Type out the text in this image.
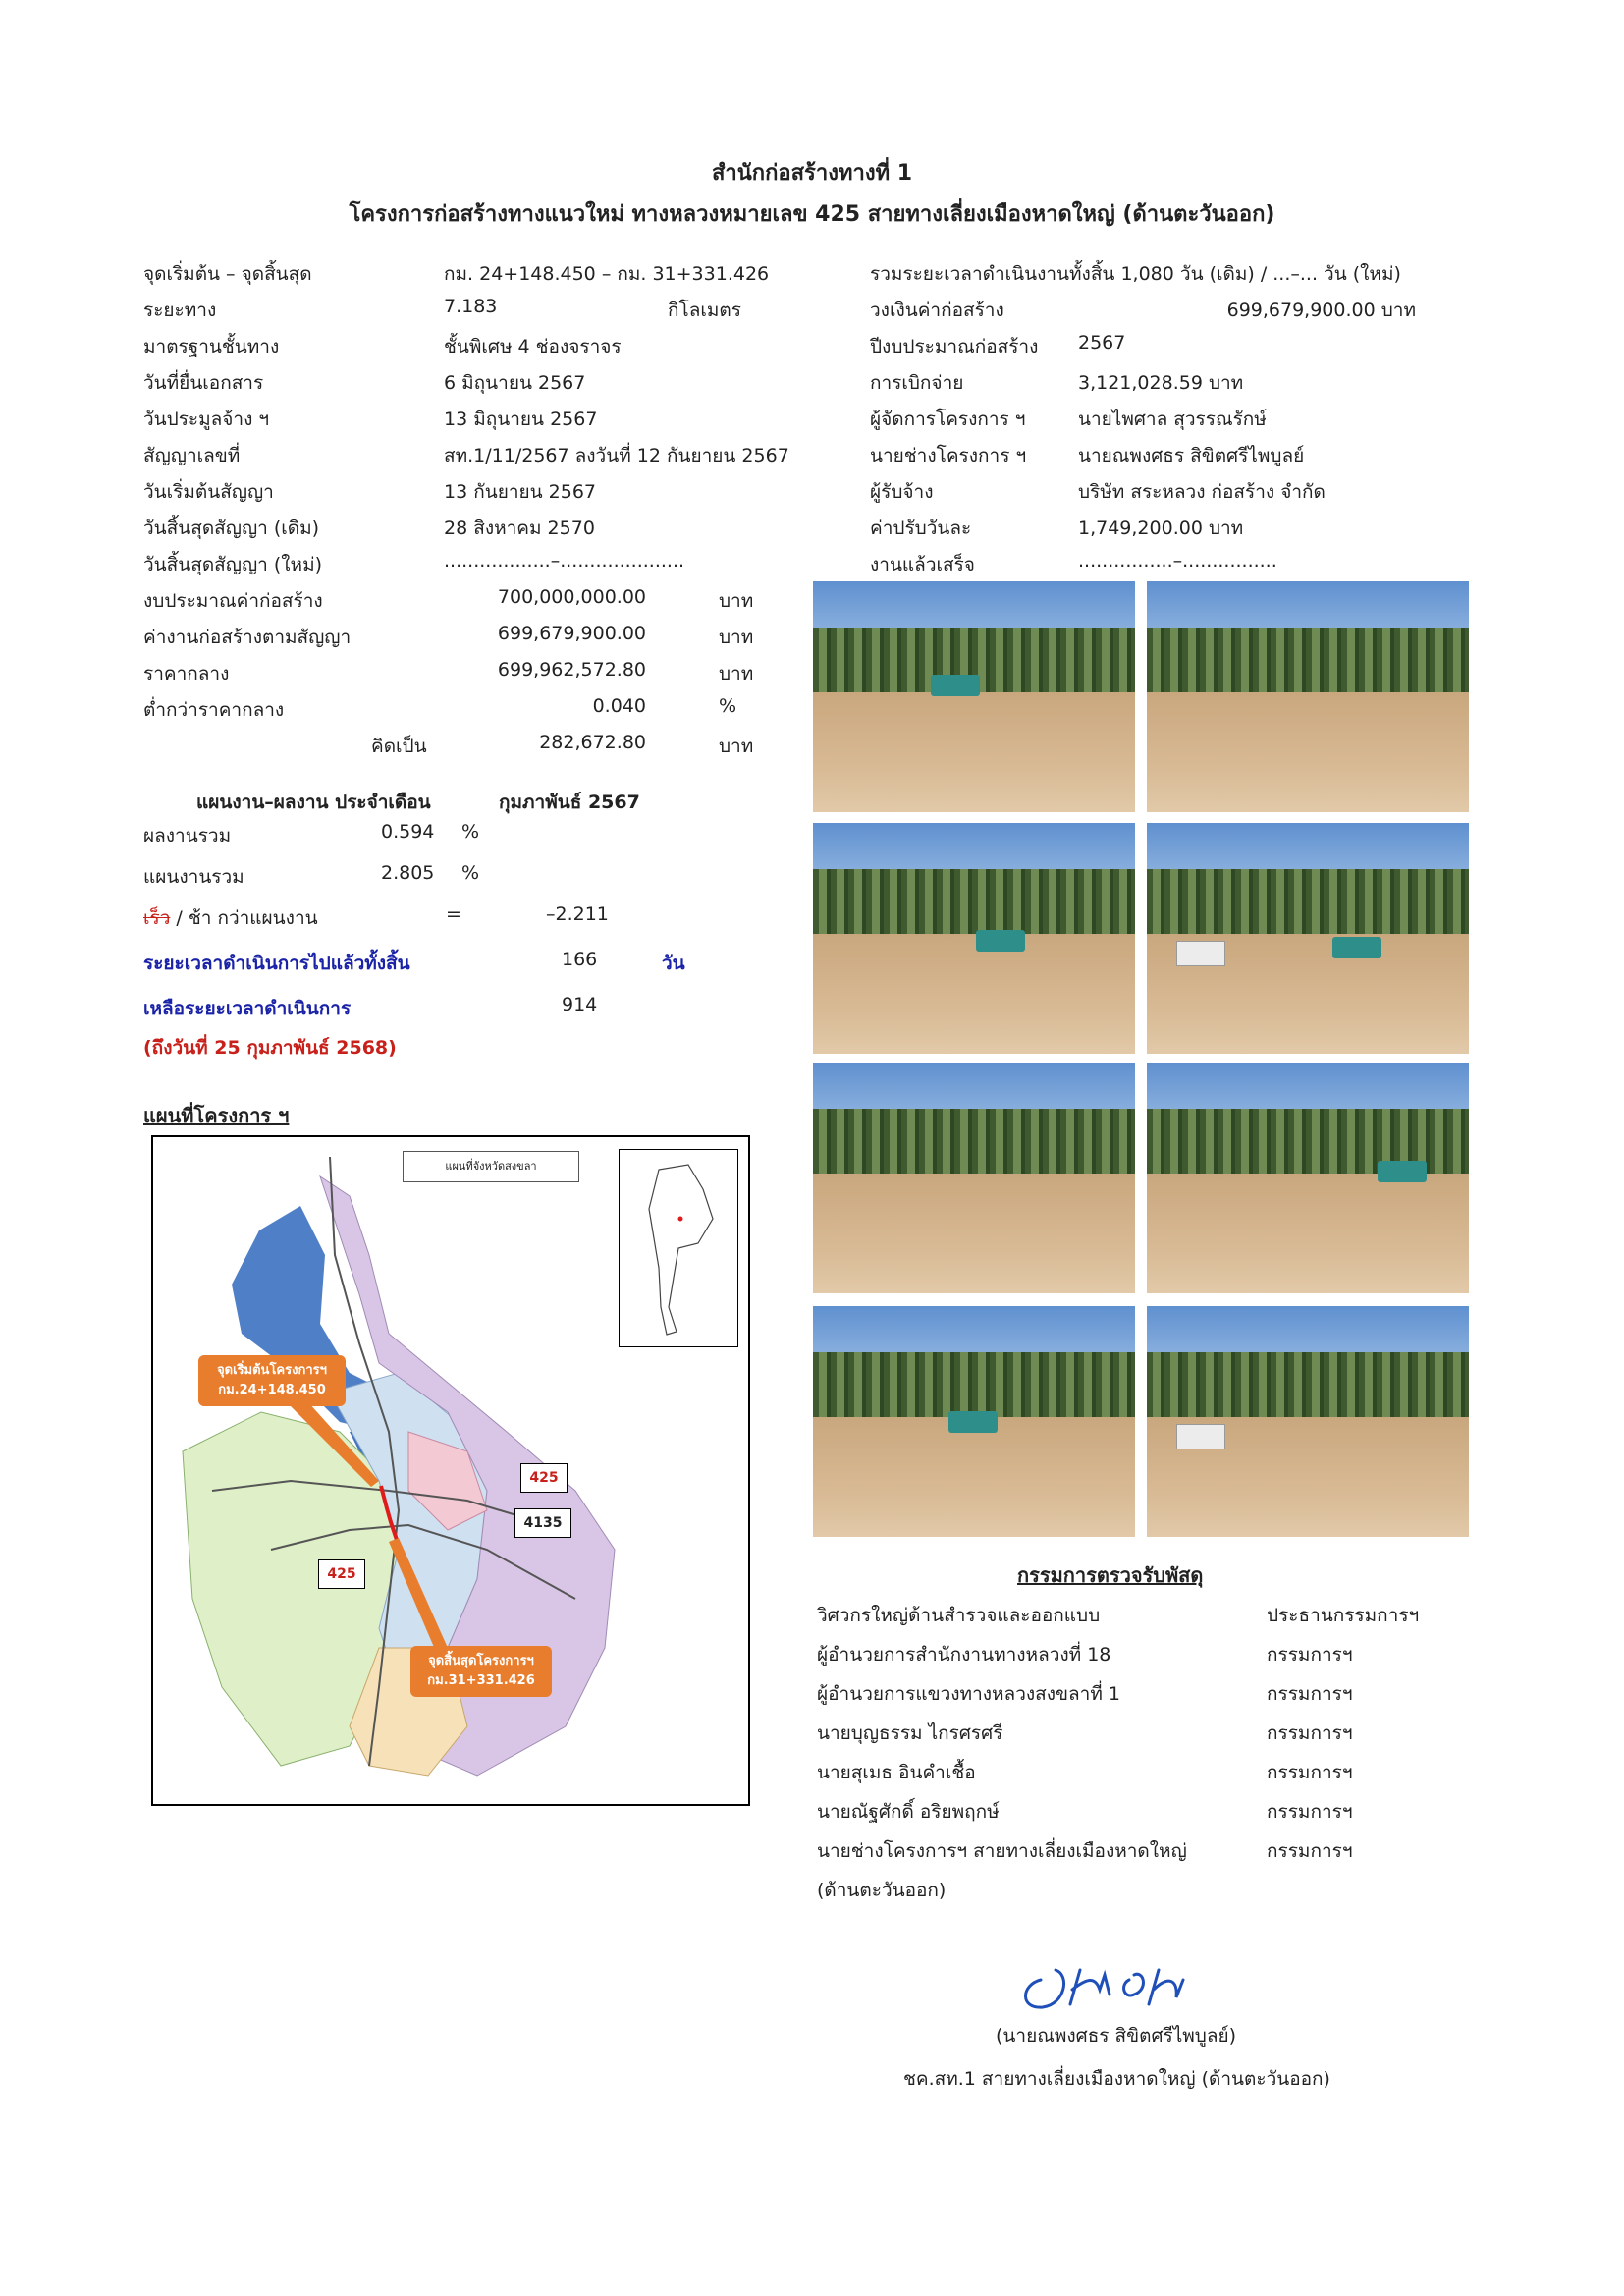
สำนักก่อสร้างทางที่ 1
โครงการก่อสร้างทางแนวใหม่ ทางหลวงหมายเลข 425 สายทางเลี่ยงเมืองหาดใหญ่ (ด้านตะวันออก)
จุดเริ่มต้น – จุดสิ้นสุด	กม. 24+148.450 – กม. 31+331.426
ระยะทาง	7.183	กิโลเมตร
มาตรฐานชั้นทาง	ชั้นพิเศษ 4 ช่องจราจร
วันที่ยื่นเอกสาร	6 มิถุนายน 2567
วันประมูลจ้าง ฯ	13 มิถุนายน 2567
สัญญาเลขที่	สท.1/11/2567 ลงวันที่ 12 กันยายน 2567
วันเริ่มต้นสัญญา	13 กันยายน 2567
วันสิ้นสุดสัญญา (เดิม)	28 สิงหาคม 2570
วันสิ้นสุดสัญญา (ใหม่)	..................–.....................
งบประมาณค่าก่อสร้าง	700,000,000.00	บาท
ค่างานก่อสร้างตามสัญญา	699,679,900.00	บาท
ราคากลาง	699,962,572.80	บาท
ต่ำกว่าราคากลาง	0.040	%
คิดเป็น	282,672.80	บาท
รวมระยะเวลาดำเนินงานทั้งสิ้น 1,080 วัน (เดิม) / ...–... วัน (ใหม่)
วงเงินค่าก่อสร้าง	699,679,900.00 บาท
ปีงบประมาณก่อสร้าง 2567
การเบิกจ่าย	3,121,028.59 บาท
ผู้จัดการโครงการ ฯ	นายไพศาล สุวรรณรักษ์
นายช่างโครงการ ฯ	นายณพงศธร สิขิตศรีไพบูลย์
ผู้รับจ้าง	บริษัท สระหลวง ก่อสร้าง จำกัด
ค่าปรับวันละ	1,749,200.00 บาท
งานแล้วเสร็จ	................–................
แผนงาน–ผลงาน ประจำเดือน	กุมภาพันธ์ 2567
ผลงานรวม	0.594 %
แผนงานรวม	2.805 %
เร็ว / ช้า กว่าแผนงาน	=	–2.211
ระยะเวลาดำเนินการไปแล้วทั้งสิ้น	166	วัน
เหลือระยะเวลาดำเนินการ	914
(ถึงวันที่ 25 กุมภาพันธ์ 2568)
แผนที่โครงการ ฯ
แผนที่จังหวัดสงขลา
จุดเริ่มต้นโครงการฯ
กม.24+148.450
จุดสิ้นสุดโครงการฯ
กม.31+331.426
425
4135
425	กรรมการตรวจรับพัสดุ
วิศวกรใหญ่ด้านสำรวจและออกแบบ	ประธานกรรมการฯ
ผู้อำนวยการสำนักงานทางหลวงที่ 18	กรรมการฯ
ผู้อำนวยการแขวงทางหลวงสงขลาที่ 1	กรรมการฯ
นายบุญธรรม ไกรศรศรี	กรรมการฯ
นายสุเมธ อินคำเชื้อ	กรรมการฯ
นายณัฐศักดิ์ อริยพฤกษ์	กรรมการฯ
นายช่างโครงการฯ สายทางเลี่ยงเมืองหาดใหญ่	กรรมการฯ
(ด้านตะวันออก)
(นายณพงศธร สิขิตศรีไพบูลย์)
ชค.สท.1 สายทางเลี่ยงเมืองหาดใหญ่ (ด้านตะวันออก)
